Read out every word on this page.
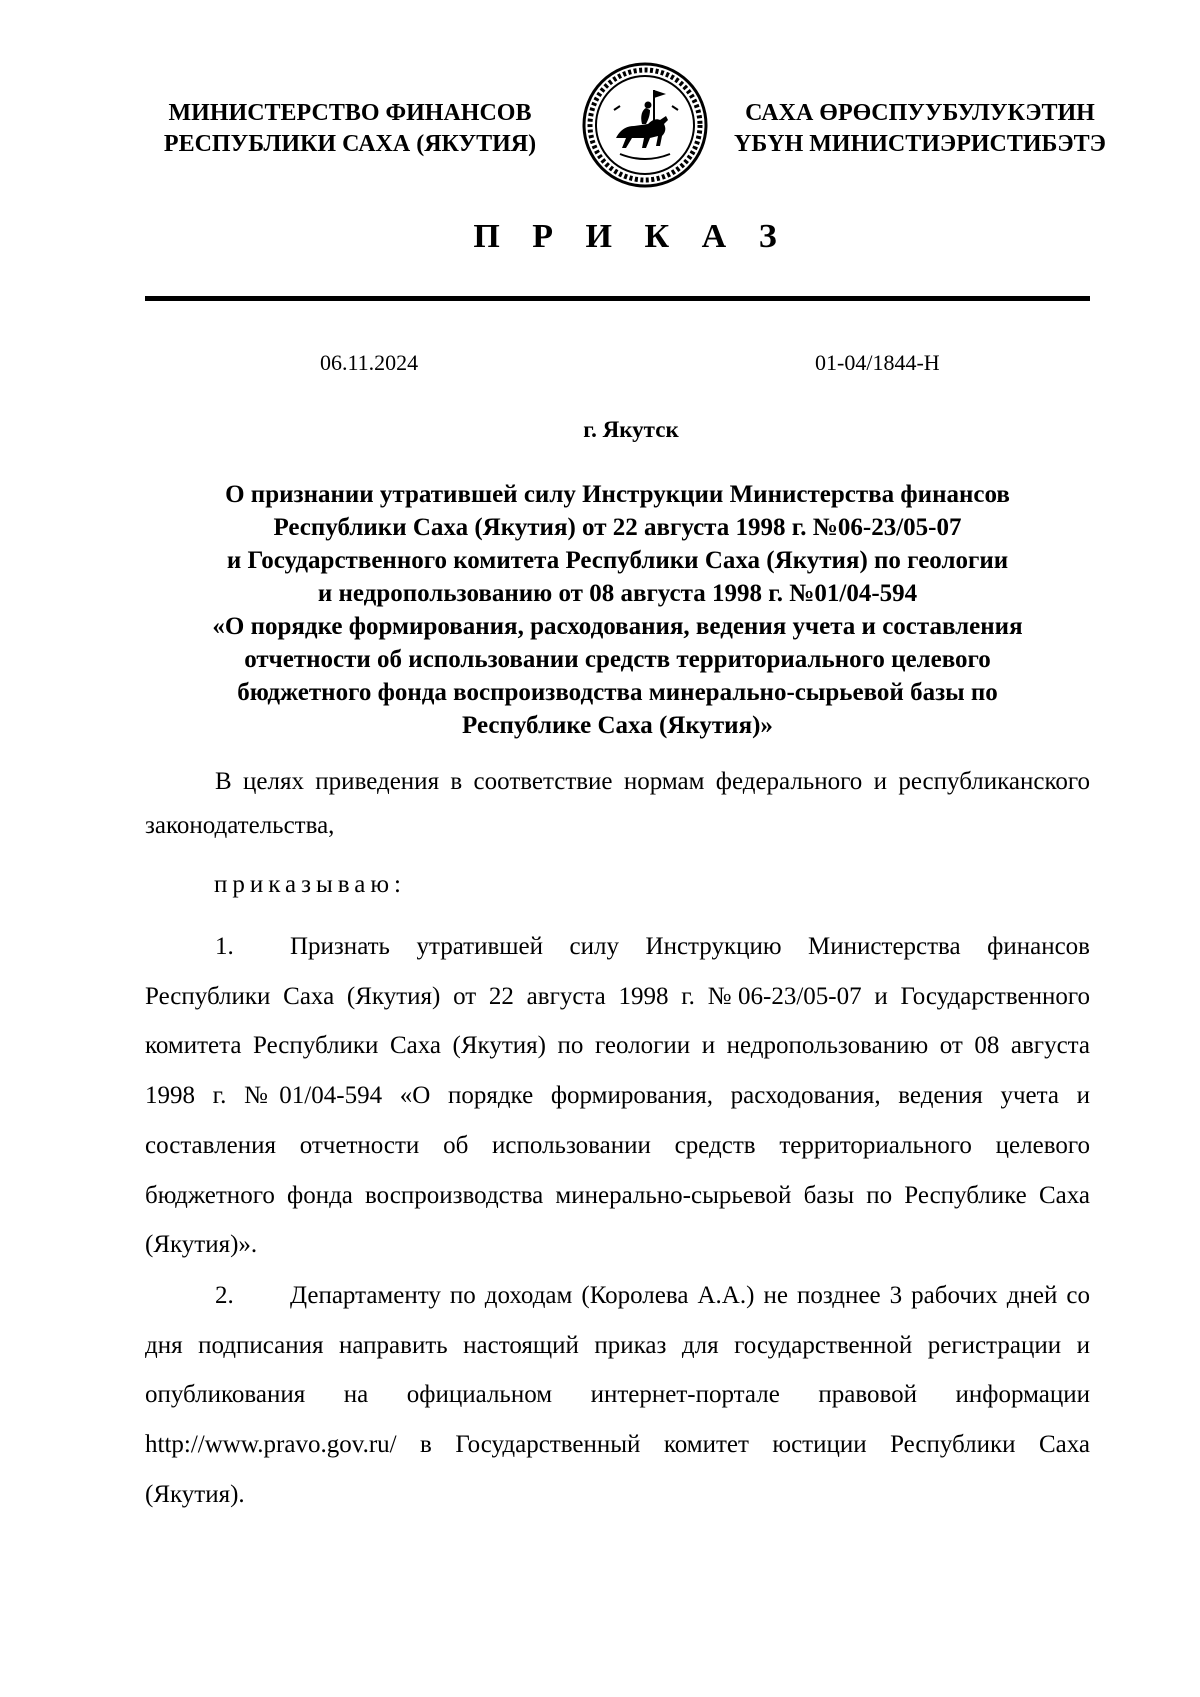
МИНИСТЕРСТВО ФИНАНСОВ
РЕСПУБЛИКИ САХА (ЯКУТИЯ)
САХА ӨРӨСПУУБУЛУКЭТИН
ҮБҮН МИНИСТИЭРИСТИБЭТЭ
П Р И К А З
06.11.2024	01-04/1844-Н
г. Якутск
О признании утратившей силу Инструкции Министерства финансов
Республики Саха (Якутия) от 22 августа 1998 г. №06-23/05-07
и Государственного комитета Республики Саха (Якутия) по геологии
и недропользованию от 08 августа 1998 г. №01/04-594
«О порядке формирования, расходования, ведения учета и составления
отчетности об использовании средств территориального целевого
бюджетного фонда воспроизводства минерально-сырьевой базы по
Республике Саха (Якутия)»
В целях приведения в соответствие нормам федерального и республиканского законодательства,
приказываю:
1. Признать утратившей силу Инструкцию Министерства финансов Республики Саха (Якутия) от 22 августа 1998 г. №06-23/05-07 и Государственного комитета Республики Саха (Якутия) по геологии и недропользованию от 08 августа 1998 г. №01/04-594 «О порядке формирования, расходования, ведения учета и составления отчетности об использовании средств территориального целевого бюджетного фонда воспроизводства минерально-сырьевой базы по Республике Саха (Якутия)».
2. Департаменту по доходам (Королева А.А.) не позднее 3 рабочих дней со дня подписания направить настоящий приказ для государственной регистрации и опубликования на официальном интернет-портале правовой информации http://www.pravo.gov.ru/ в Государственный комитет юстиции Республики Саха (Якутия).
